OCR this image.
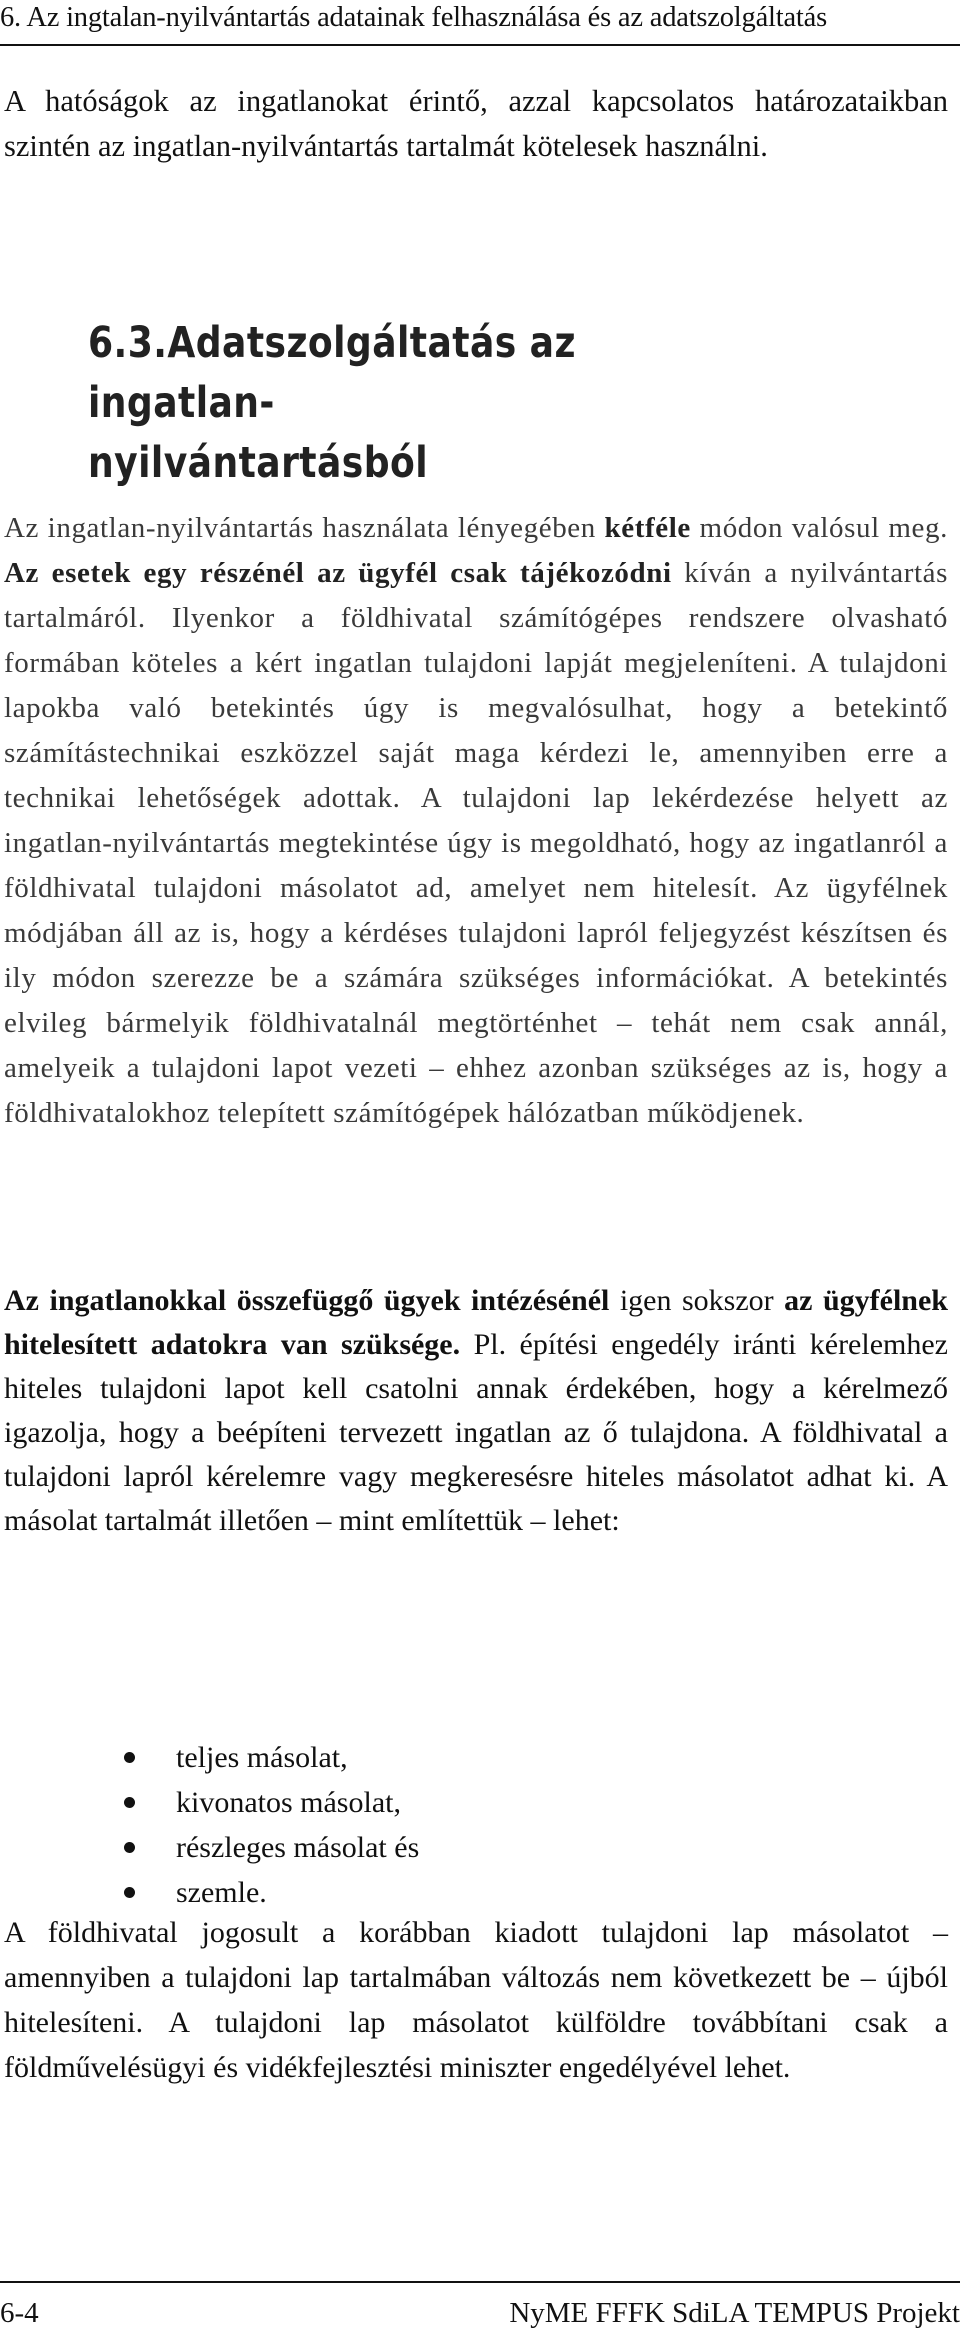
6. Az ingtalan-nyilvántartás adatainak felhasználása és az adatszolgáltatás

A hatóságok az ingatlanokat érintő, azzal kapcsolatos határozataikban szintén az ingatlan-nyilvántartás tartalmát kötelesek használni.

6.3.Adatszolgáltatás az ingatlan-
nyilvántartásból

Az ingatlan-nyilvántartás használata lényegében kétféle módon valósul meg. Az esetek egy részénél az ügyfél csak tájékozódni kíván a nyilvántartás tartalmáról. Ilyenkor a földhivatal számítógépes rendszere olvasható formában köteles a kért ingatlan tulajdoni lapját megjeleníteni. A tulajdoni lapokba való betekintés úgy is megvalósulhat, hogy a betekintő számítástechnikai eszközzel saját maga kérdezi le, amennyiben erre a technikai lehetőségek adottak. A tulajdoni lap lekérdezése helyett az ingatlan-nyilvántartás megtekintése úgy is megoldható, hogy az ingatlanról a földhivatal tulajdoni másolatot ad, amelyet nem hitelesít. Az ügyfélnek módjában áll az is, hogy a kérdéses tulajdoni lapról feljegyzést készítsen és ily módon szerezze be a számára szükséges információkat. A betekintés elvileg bármelyik földhivatalnál megtörténhet – tehát nem csak annál, amelyeik a tulajdoni lapot vezeti – ehhez azonban szükséges az is, hogy a földhivatalokhoz telepített számítógépek hálózatban működjenek.

Az ingatlanokkal összefüggő ügyek intézésénél igen sokszor az ügyfélnek hitelesített adatokra van szüksége. Pl. építési engedély iránti kérelemhez hiteles tulajdoni lapot kell csatolni annak érdekében, hogy a kérelmező igazolja, hogy a beépíteni tervezett ingatlan az ő tulajdona. A földhivatal a tulajdoni lapról kérelemre vagy megkeresésre hiteles másolatot adhat ki. A másolat tartalmát illetően – mint említettük – lehet:

teljes másolat,
kivonatos másolat,
részleges másolat és
szemle.

A földhivatal jogosult a korábban kiadott tulajdoni lap másolatot – amennyiben a tulajdoni lap tartalmában változás nem következett be – újból hitelesíteni. A tulajdoni lap másolatot külföldre továbbítani csak a földművelésügyi és vidékfejlesztési miniszter engedélyével lehet.

6-4	NyME FFFK SdiLA TEMPUS Projekt
